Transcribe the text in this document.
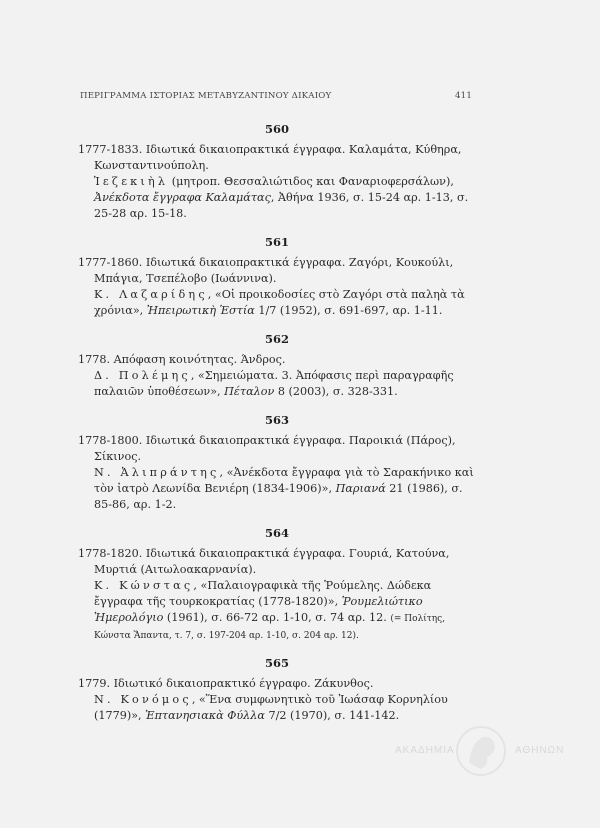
ΠΕΡΙΓΡΑΜΜΑ ΙΣΤΟΡΙΑΣ ΜΕΤΑΒΥΖΑΝΤΙΝΟΥ ΔΙΚΑΙΟΥ	411
560

1777-1833. Ιδιωτικά δικαιοπρακτικά έγγραφα. Καλαμάτα, Κύθηρα, Κωνσταντινούπολη.

Ἱεζεκιὴλ (μητροπ. Θεσσαλιώτιδος και Φαναριοφερσάλων), Ἀνέκδοτα ἔγγραφα Καλαμάτας, Ἀθήνα 1936, σ. 15-24 αρ. 1-13, σ. 25-28 αρ. 15-18.

561

1777-1860. Ιδιωτικά δικαιοπρακτικά έγγραφα. Ζαγόρι, Κουκούλι, Μπάγια, Τσεπέλοβο (Ιωάννινα).

Κ. Λαζαρίδης, «Οἱ προικοδοσίες στὸ Ζαγόρι στὰ παληὰ τὰ χρόνια», Ἠπειρωτικὴ Ἑστία 1/7 (1952), σ. 691-697, αρ. 1-11.

562

1778. Απόφαση κοινότητας. Άνδρος.

Δ. Πολέμης, «Σημειώματα. 3. Ἀπόφασις περὶ παραγραφῆς παλαιῶν ὑποθέσεων», Πέταλον 8 (2003), σ. 328-331.

563

1778-1800. Ιδιωτικά δικαιοπρακτικά έγγραφα. Παροικιά (Πάρος), Σίκινος.

Ν. Ἀλιπράντης, «Ἀνέκδοτα ἔγγραφα γιὰ τὸ Σαρακήνικο καὶ τὸν ἰατρὸ Λεωνίδα Βενιέρη (1834-1906)», Παριανά 21 (1986), σ. 85-86, αρ. 1-2.

564

1778-1820. Ιδιωτικά δικαιοπρακτικά έγγραφα. Γουριά, Κατούνα, Μυρτιά (Αιτωλοακαρνανία).

Κ. Κώνστας, «Παλαιογραφικὰ τῆς Ῥούμελης. Δώδεκα ἔγγραφα τῆς τουρκοκρατίας (1778-1820)», Ῥουμελιώτικο Ἡμερολόγιο (1961), σ. 66-72 αρ. 1-10, σ. 74 αρ. 12. (= Πολίτης, Κώνστα Ἅπαντα, τ. 7, σ. 197-204 αρ. 1-10, σ. 204 αρ. 12).

565

1779. Ιδιωτικό δικαιοπρακτικό έγγραφο. Ζάκυνθος.

Ν. Κονόμος, «Ἕνα συμφωνητικὸ τοῦ Ἰωάσαφ Κορνηλίου (1779)», Ἑπτανησιακὰ Φύλλα 7/2 (1970), σ. 141-142.

ΑΚΑΔΗΜΙΑ	ΑΘΗΝΩΝ
